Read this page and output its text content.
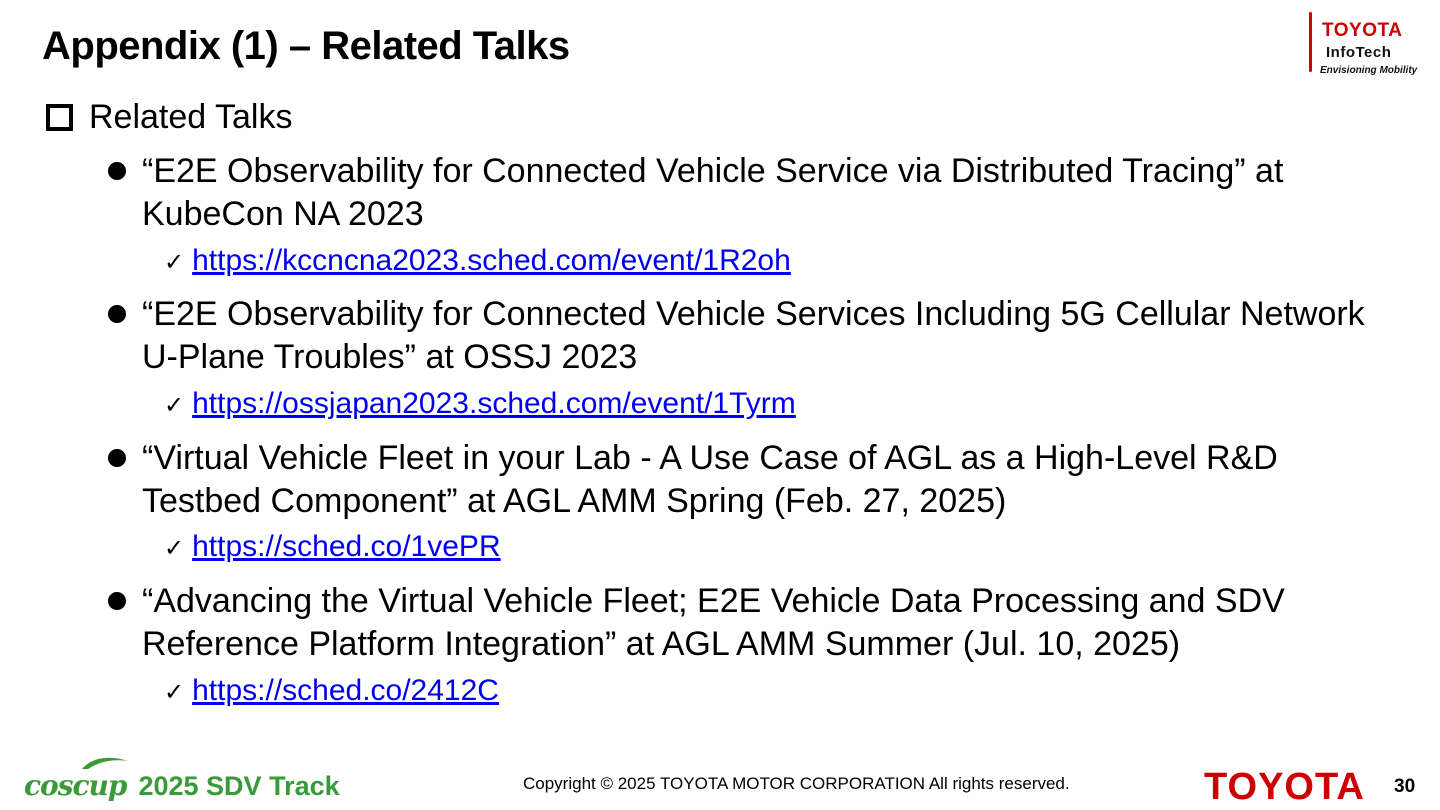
Appendix (1) – Related Talks	TOYOTA
InfoTech
Envisioning Mobility
Related Talks
“E2E Observability for Connected Vehicle Service via Distributed Tracing” at KubeCon NA 2023
✓ https://kccncna2023.sched.com/event/1R2oh
“E2E Observability for Connected Vehicle Services Including 5G Cellular Network U-Plane Troubles” at OSSJ 2023
✓ https://ossjapan2023.sched.com/event/1Tyrm
“Virtual Vehicle Fleet in your Lab - A Use Case of AGL as a High-Level R&D Testbed Component” at AGL AMM Spring (Feb. 27, 2025)
✓ https://sched.co/1vePR
“Advancing the Virtual Vehicle Fleet; E2E Vehicle Data Processing and SDV Reference Platform Integration” at AGL AMM Summer (Jul. 10, 2025)
✓ https://sched.co/2412C
coscup 2025 SDV Track	Copyright © 2025 TOYOTA MOTOR CORPORATION All rights reserved.	TOYOTA 30
